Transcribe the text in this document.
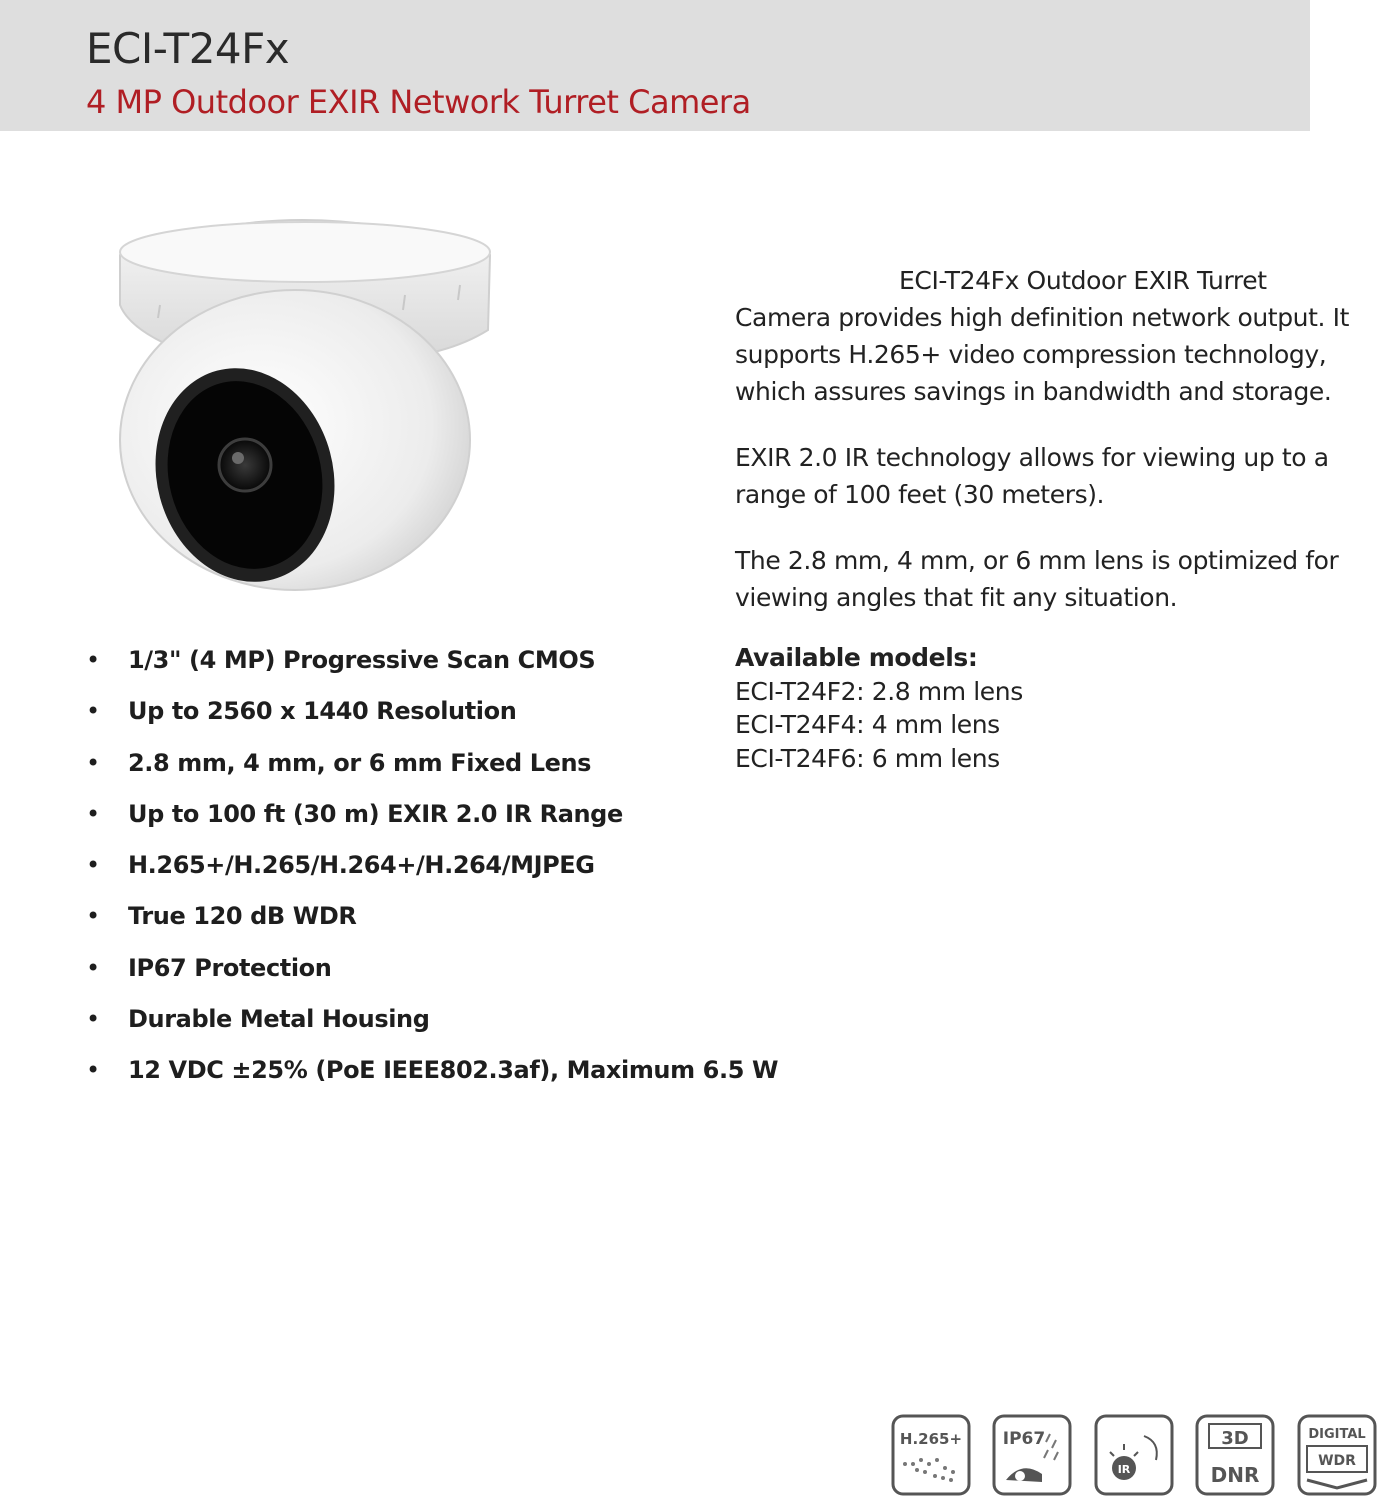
ECI-T24Fx
4 MP Outdoor EXIR Network Turret Camera
• 1/3" (4 MP) Progressive Scan CMOS
• Up to 2560 x 1440 Resolution
• 2.8 mm, 4 mm, or 6 mm Fixed Lens
• Up to 100 ft (30 m) EXIR 2.0 IR Range
• H.265+/H.265/H.264+/H.264/MJPEG
• True 120 dB WDR
• IP67 Protection
• Durable Metal Housing
• 12 VDC ±25% (PoE IEEE802.3af), Maximum 6.5 W

ECI-T24Fx Outdoor EXIR Turret Camera provides high definition network output. It supports H.265+ video compression technology, which assures savings in bandwidth and storage.

EXIR 2.0 IR technology allows for viewing up to a range of 100 feet (30 meters).

The 2.8 mm, 4 mm, or 6 mm lens is optimized for viewing angles that fit any situation.

Available models:
ECI-T24F2: 2.8 mm lens
ECI-T24F4: 4 mm lens
ECI-T24F6: 6 mm lens
H.265+ IP67
IR
3D
DNR
DIGITAL
WDR
